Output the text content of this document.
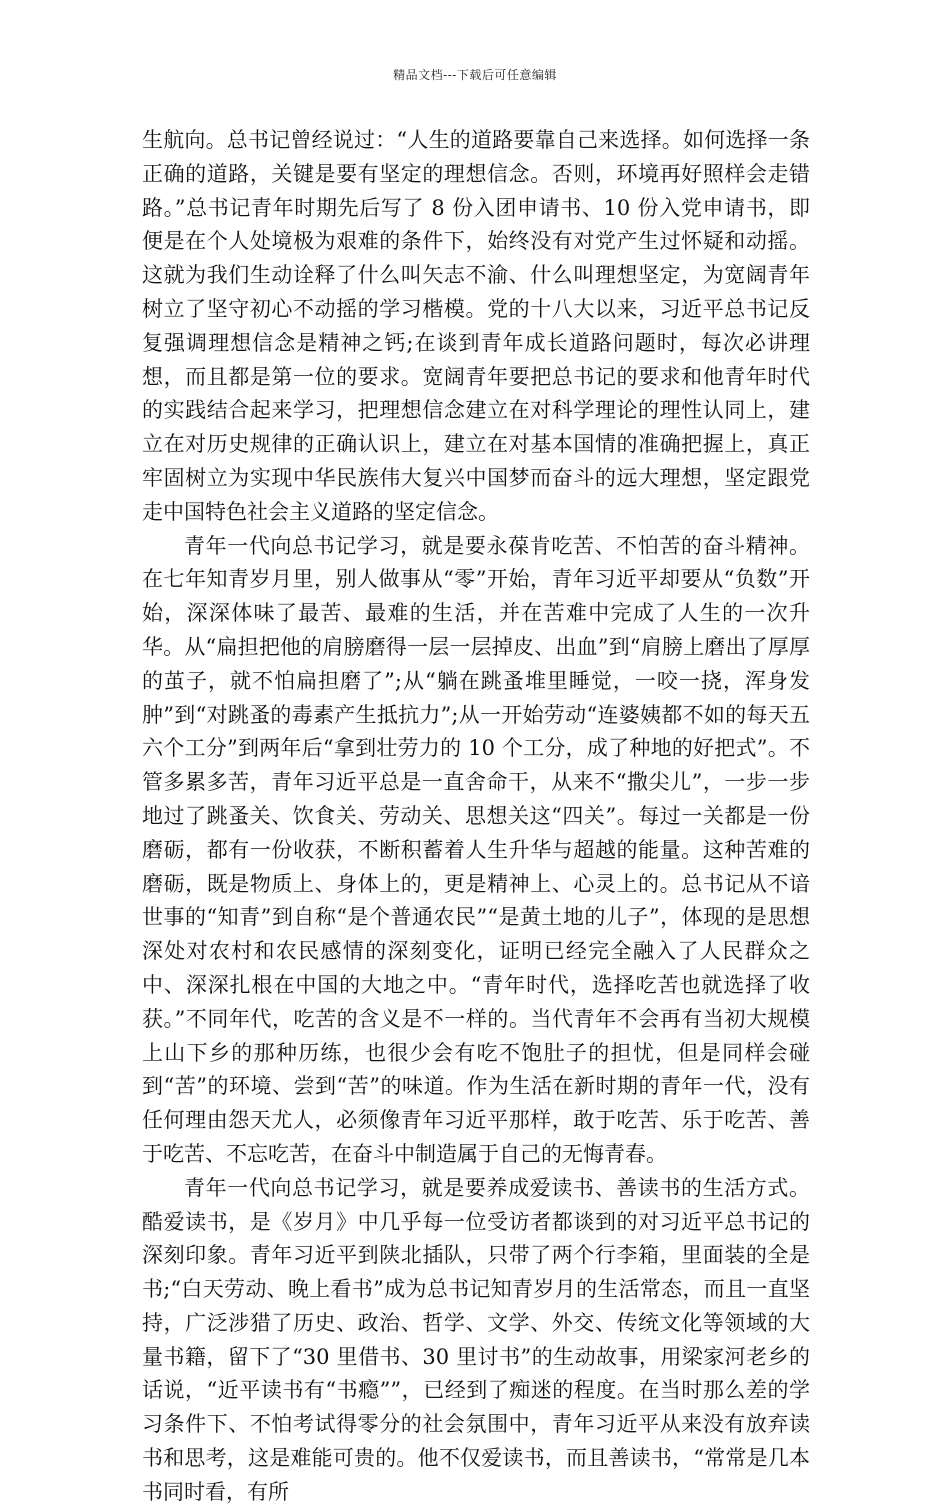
精品文档---下载后可任意编辑

生航向。总书记曾经说过：“人生的道路要靠自己来选择。如何选择一条正确的道路，关键是要有坚定的理想信念。否则，环境再好照样会走错路。”总书记青年时期先后写了 8 份入团申请书、10 份入党申请书，即便是在个人处境极为艰难的条件下，始终没有对党产生过怀疑和动摇。这就为我们生动诠释了什么叫矢志不渝、什么叫理想坚定，为宽阔青年树立了坚守初心不动摇的学习楷模。党的十八大以来，习近平总书记反复强调理想信念是精神之钙;在谈到青年成长道路问题时，每次必讲理想，而且都是第一位的要求。宽阔青年要把总书记的要求和他青年时代的实践结合起来学习，把理想信念建立在对科学理论的理性认同上，建立在对历史规律的正确认识上，建立在对基本国情的准确把握上，真正牢固树立为实现中华民族伟大复兴中国梦而奋斗的远大理想，坚定跟党走中国特色社会主义道路的坚定信念。

青年一代向总书记学习，就是要永葆肯吃苦、不怕苦的奋斗精神。在七年知青岁月里，别人做事从“零”开始，青年习近平却要从“负数”开始，深深体味了最苦、最难的生活，并在苦难中完成了人生的一次升华。从“扁担把他的肩膀磨得一层一层掉皮、出血”到“肩膀上磨出了厚厚的茧子，就不怕扁担磨了”;从“躺在跳蚤堆里睡觉，一咬一挠，浑身发肿”到“对跳蚤的毒素产生抵抗力”;从一开始劳动“连婆姨都不如的每天五六个工分”到两年后“拿到壮劳力的 10 个工分，成了种地的好把式”。不管多累多苦，青年习近平总是一直舍命干，从来不“撒尖儿”，一步一步地过了跳蚤关、饮食关、劳动关、思想关这“四关”。每过一关都是一份磨砺，都有一份收获，不断积蓄着人生升华与超越的能量。这种苦难的磨砺，既是物质上、身体上的，更是精神上、心灵上的。总书记从不谙世事的“知青”到自称“是个普通农民”“是黄土地的儿子”，体现的是思想深处对农村和农民感情的深刻变化，证明已经完全融入了人民群众之中、深深扎根在中国的大地之中。“青年时代，选择吃苦也就选择了收获。”不同年代，吃苦的含义是不一样的。当代青年不会再有当初大规模上山下乡的那种历练，也很少会有吃不饱肚子的担忧，但是同样会碰到“苦”的环境、尝到“苦”的味道。作为生活在新时期的青年一代，没有任何理由怨天尤人，必须像青年习近平那样，敢于吃苦、乐于吃苦、善于吃苦、不忘吃苦，在奋斗中制造属于自己的无悔青春。

青年一代向总书记学习，就是要养成爱读书、善读书的生活方式。酷爱读书，是《岁月》中几乎每一位受访者都谈到的对习近平总书记的深刻印象。青年习近平到陕北插队，只带了两个行李箱，里面装的全是书;“白天劳动、晚上看书”成为总书记知青岁月的生活常态，而且一直坚持，广泛涉猎了历史、政治、哲学、文学、外交、传统文化等领域的大量书籍，留下了“30 里借书、30 里讨书”的生动故事，用梁家河老乡的话说，“近平读书有“书瘾””，已经到了痴迷的程度。在当时那么差的学习条件下、不怕考试得零分的社会氛围中，青年习近平从来没有放弃读书和思考，这是难能可贵的。他不仅爱读书，而且善读书，“常常是几本书同时看，有所
